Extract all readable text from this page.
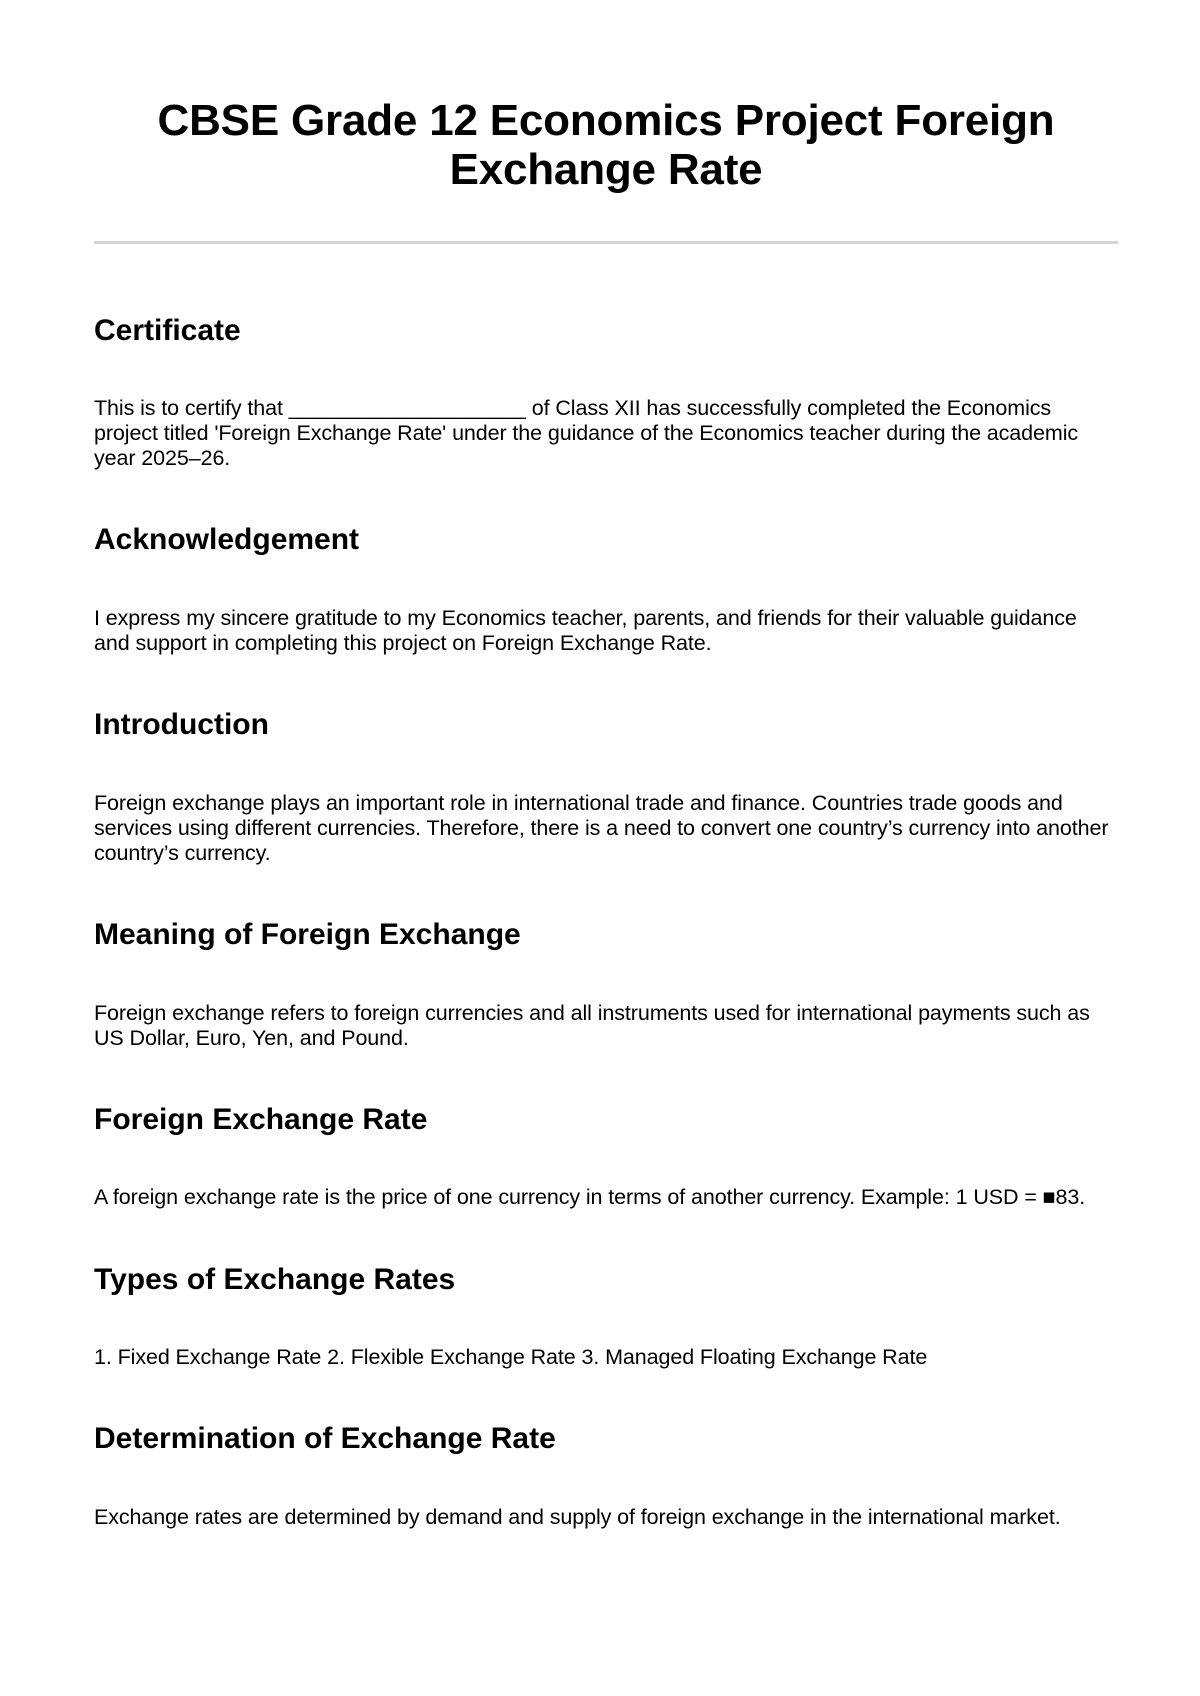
CBSE Grade 12 Economics Project Foreign Exchange Rate
Certificate

This is to certify that ____________________ of Class XII has successfully completed the Economics project titled 'Foreign Exchange Rate' under the guidance of the Economics teacher during the academic year 2025–26.

Acknowledgement

I express my sincere gratitude to my Economics teacher, parents, and friends for their valuable guidance and support in completing this project on Foreign Exchange Rate.

Introduction

Foreign exchange plays an important role in international trade and finance. Countries trade goods and services using different currencies. Therefore, there is a need to convert one country’s currency into another country’s currency.

Meaning of Foreign Exchange

Foreign exchange refers to foreign currencies and all instruments used for international payments such as US Dollar, Euro, Yen, and Pound.

Foreign Exchange Rate

A foreign exchange rate is the price of one currency in terms of another currency. Example: 1 USD = ■83.

Types of Exchange Rates

1. Fixed Exchange Rate 2. Flexible Exchange Rate 3. Managed Floating Exchange Rate

Determination of Exchange Rate

Exchange rates are determined by demand and supply of foreign exchange in the international market.
